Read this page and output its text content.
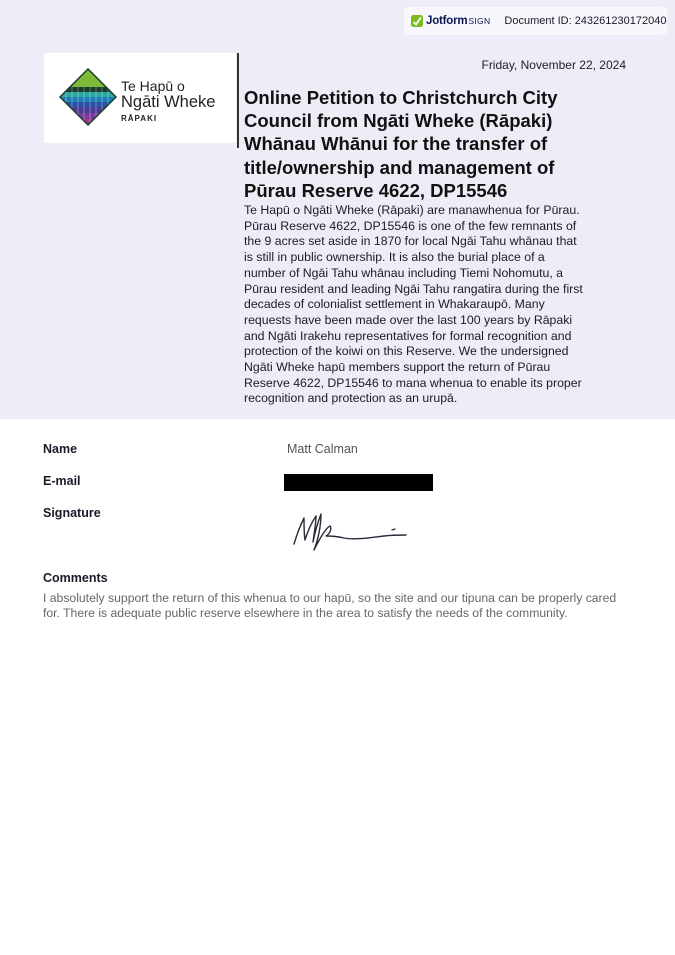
Jotform SIGN Document ID: 243261230172040
Te Hapū o
Ngāti Wheke
RĀPAKI
Friday, November 22, 2024
Online Petition to Christchurch City
Council from Ngāti Wheke (Rāpaki)
Whānau Whānui for the transfer of
title/ownership and management of
Pūrau Reserve 4622, DP15546

Te Hapū o Ngāti Wheke (Rāpaki) are manawhenua for Pūrau.
Pūrau Reserve 4622, DP15546 is one of the few remnants of
the 9 acres set aside in 1870 for local Ngāi Tahu whānau that
is still in public ownership. It is also the burial place of a
number of Ngāi Tahu whānau including Tiemi Nohomutu, a
Pūrau resident and leading Ngāi Tahu rangatira during the first
decades of colonialist settlement in Whakaraupō. Many
requests have been made over the last 100 years by Rāpaki
and Ngāti Irakehu representatives for formal recognition and
protection of the koiwi on this Reserve. We the undersigned
Ngāti Wheke hapū members support the return of Pūrau
Reserve 4622, DP15546 to mana whenua to enable its proper
recognition and protection as an urupā.

Name	Matt Calman
E-mail
Signature
Comments

I absolutely support the return of this whenua to our hapū, so the site and our tipuna can be properly cared
for. There is adequate public reserve elsewhere in the area to satisfy the needs of the community.
